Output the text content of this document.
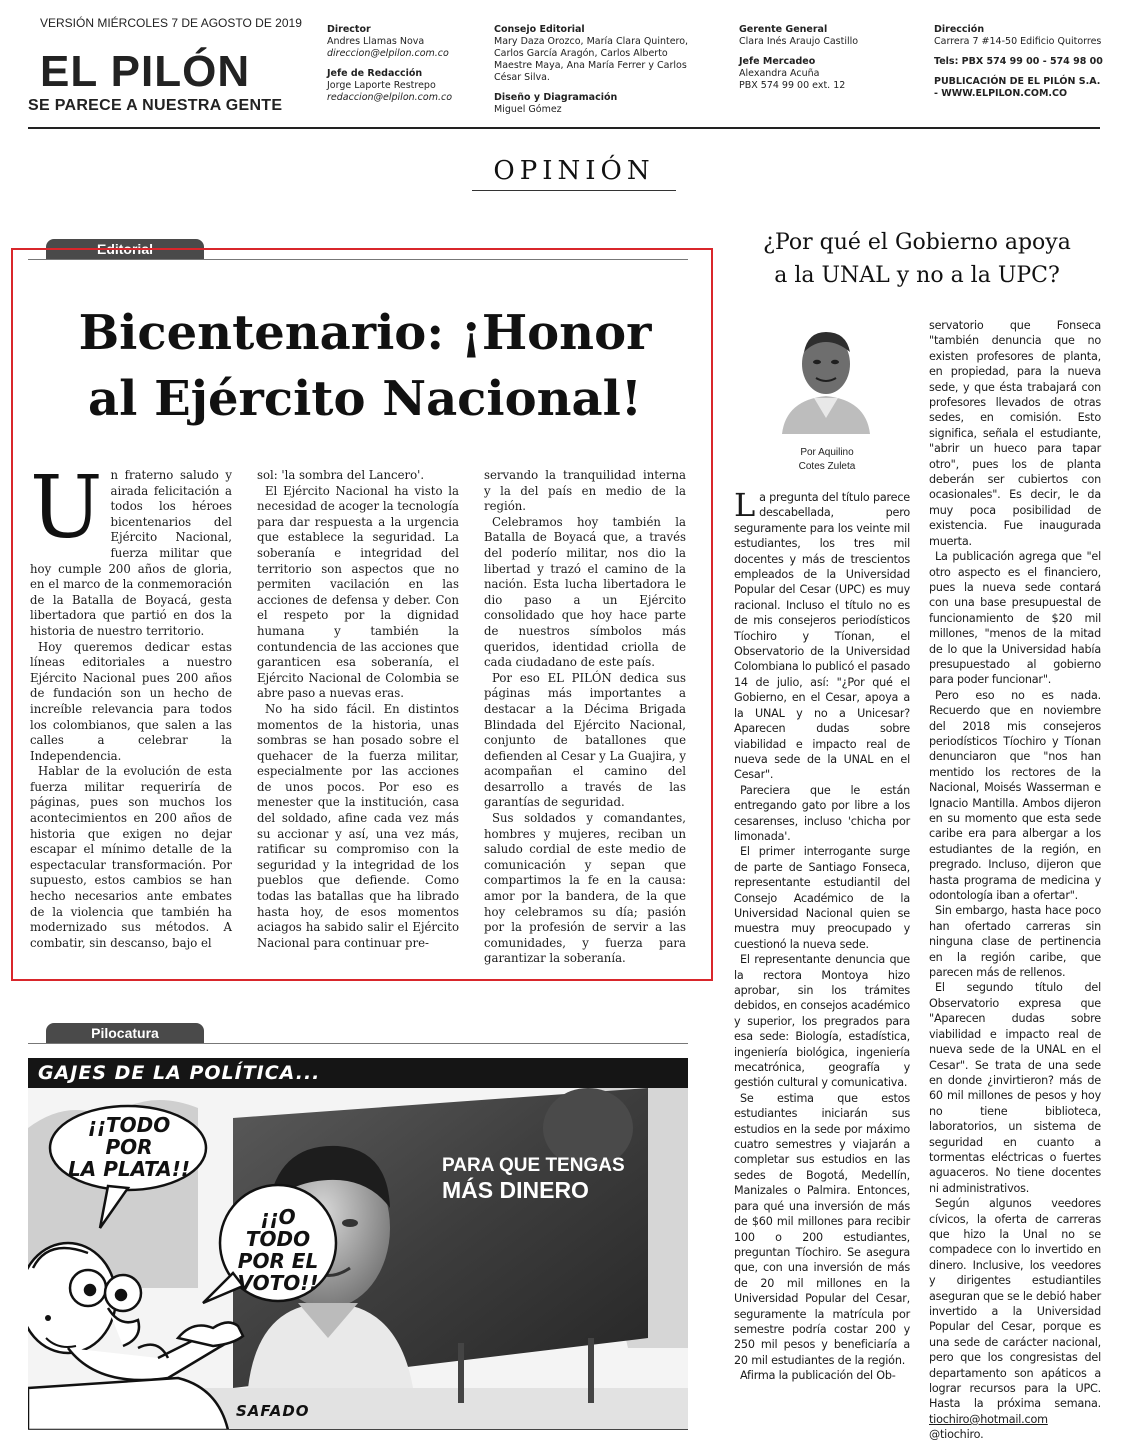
VERSIÓN MIÉRCOLES 7 DE AGOSTO DE 2019
EL PILÓN
SE PARECE A NUESTRA GENTE
Director
Andres Llamas Nova
direccion@elpilon.com.co
Jefe de Redacción
Jorge Laporte Restrepo
redaccion@elpilon.com.co
Consejo Editorial
Mary Daza Orozco, María Clara Quintero, Carlos García Aragón, Carlos Alberto Maestre Maya, Ana María Ferrer y Carlos César Silva.
Diseño y Diagramación
Miguel Gómez
Gerente General
Clara Inés Araujo Castillo
Jefe Mercadeo
Alexandra Acuña
PBX 574 99 00 ext. 12
Dirección
Carrera 7 #14-50 Edificio Quitorres
Tels: PBX 574 99 00 - 574 98 00
PUBLICACIÓN DE EL PILÓN S.A. - WWW.ELPILON.COM.CO
OPINIÓN
Editorial
Bicentenario: ¡Honor
al Ejército Nacional!
U n fraterno saludo y airada felicitación a todos los héroes bicentenarios del Ejército Nacional, fuerza militar que hoy cumple 200 años de gloria, en el marco de la conmemoración de la Batalla de Boyacá, gesta libertadora que partió en dos la historia de nuestro territorio.

Hoy queremos dedicar estas líneas editoriales a nuestro Ejército Nacional pues 200 años de fundación son un hecho de increíble relevancia para todos los colombianos, que salen a las calles a celebrar la Independencia.

Hablar de la evolución de esta fuerza militar requeriría de páginas, pues son muchos los acontecimientos en 200 años de historia que exigen no dejar escapar el mínimo detalle de la espectacular transformación. Por supuesto, estos cambios se han hecho necesarios ante embates de la violencia que también ha modernizado sus métodos. A combatir, sin descanso, bajo el

sol: 'la sombra del Lancero'.

El Ejército Nacional ha visto la necesidad de acoger la tecnología para dar respuesta a la urgencia que establece la seguridad. La soberanía e integridad del territorio son aspectos que no permiten vacilación en las acciones de defensa y deber. Con el respeto por la dignidad humana y también la contundencia de las acciones que garanticen esa soberanía, el Ejército Nacional de Colombia se abre paso a nuevas eras.

No ha sido fácil. En distintos momentos de la historia, unas sombras se han posado sobre el quehacer de la fuerza militar, especialmente por las acciones de unos pocos. Por eso es menester que la institución, casa del soldado, afine cada vez más su accionar y así, una vez más, ratificar su compromiso con la seguridad y la integridad de los pueblos que defiende. Como todas las batallas que ha librado hasta hoy, de esos momentos aciagos ha sabido salir el Ejército Nacional para continuar pre-

servando la tranquilidad interna y la del país en medio de la región.

Celebramos hoy también la Batalla de Boyacá que, a través del poderío militar, nos dio la libertad y trazó el camino de la nación. Esta lucha libertadora le dio paso a un Ejército consolidado que hoy hace parte de nuestros símbolos más queridos, identidad criolla de cada ciudadano de este país.

Por eso EL PILÓN dedica sus páginas más importantes a destacar a la Décima Brigada Blindada del Ejército Nacional, conjunto de batallones que defienden al Cesar y La Guajira, y acompañan el camino del desarrollo a través de las garantías de seguridad.

Sus soldados y comandantes, hombres y mujeres, reciban un saludo cordial de este medio de comunicación y sepan que compartimos la fe en la causa: amor por la bandera, de la que hoy celebramos su día; pasión por la profesión de servir a las comunidades, y fuerza para garantizar la soberanía.

Pilocatura
GAJES DE LA POLÍTICA...
¡¡TODO POR
LA PLATA!!
¡¡O TODO
POR EL
VOTO!!
PARA QUE TENGAS
MÁS DINERO
SAFADO
¿Por qué el Gobierno apoya
a la UNAL y no a la UPC?
Por Aquilino
Cotes Zuleta
L a pregunta del título parece descabellada, pero seguramente para los veinte mil estudiantes, los tres mil docentes y más de trescientos empleados de la Universidad Popular del Cesar (UPC) es muy racional. Incluso el título no es de mis consejeros periodísticos Tíochiro y Tíonan, el Observatorio de la Universidad Colombiana lo publicó el pasado 14 de julio, así: "¿Por qué el Gobierno, en el Cesar, apoya a la UNAL y no a Unicesar? Aparecen dudas sobre viabilidad e impacto real de nueva sede de la UNAL en el Cesar".

Pareciera que le están entregando gato por libre a los cesarenses, incluso 'chicha por limonada'.

El primer interrogante surge de parte de Santiago Fonseca, representante estudiantil del Consejo Académico de la Universidad Nacional quien se muestra muy preocupado y cuestionó la nueva sede.

El representante denuncia que la rectora Montoya hizo aprobar, sin los trámites debidos, en consejos académico y superior, los pregrados para esa sede: Biología, estadística, ingeniería biológica, ingeniería mecatrónica, geografía y gestión cultural y comunicativa.

Se estima que estos estudiantes iniciarán sus estudios en la sede por máximo cuatro semestres y viajarán a completar sus estudios en las sedes de Bogotá, Medellín, Manizales o Palmira. Entonces, para qué una inversión de más de $60 mil millones para recibir 100 o 200 estudiantes, preguntan Tíochiro. Se asegura que, con una inversión de más de 20 mil millones en la Universidad Popular del Cesar, seguramente la matrícula por semestre podría costar 200 y 250 mil pesos y beneficiaría a 20 mil estudiantes de la región.

Afirma la publicación del Ob-

servatorio que Fonseca "también denuncia que no existen profesores de planta, en propiedad, para la nueva sede, y que ésta trabajará con profesores llevados de otras sedes, en comisión. Esto significa, señala el estudiante, "abrir un hueco para tapar otro", pues los de planta deberán ser cubiertos con ocasionales". Es decir, le da muy poca posibilidad de existencia. Fue inaugurada muerta.

La publicación agrega que "el otro aspecto es el financiero, pues la nueva sede contará con una base presupuestal de funcionamiento de $20 mil millones, "menos de la mitad de lo que la Universidad había presupuestado al gobierno para poder funcionar".

Pero eso no es nada. Recuerdo que en noviembre del 2018 mis consejeros periodísticos Tíochiro y Tíonan denunciaron que "nos han mentido los rectores de la Nacional, Moisés Wasserman e Ignacio Mantilla. Ambos dijeron en su momento que esta sede caribe era para albergar a los estudiantes de la región, en pregrado. Incluso, dijeron que hasta programa de medicina y odontología iban a ofertar".

Sin embargo, hasta hace poco han ofertado carreras sin ninguna clase de pertinencia en la región caribe, que parecen más de rellenos.

El segundo título del Observatorio expresa que "Aparecen dudas sobre viabilidad e impacto real de nueva sede de la UNAL en el Cesar". Se trata de una sede en donde ¿invirtieron? más de 60 mil millones de pesos y hoy no tiene biblioteca, laboratorios, un sistema de seguridad en cuanto a tormentas eléctricas o fuertes aguaceros. No tiene docentes ni administrativos.

Según algunos veedores cívicos, la oferta de carreras que hizo la Unal no se compadece con lo invertido en dinero. Inclusive, los veedores y dirigentes estudiantiles aseguran que se le debió haber invertido a la Universidad Popular del Cesar, porque es una sede de carácter nacional, pero que los congresistas del departamento son apáticos a lograr recursos para la UPC. Hasta la próxima semana. tiochiro@hotmail.com @tiochiro.
